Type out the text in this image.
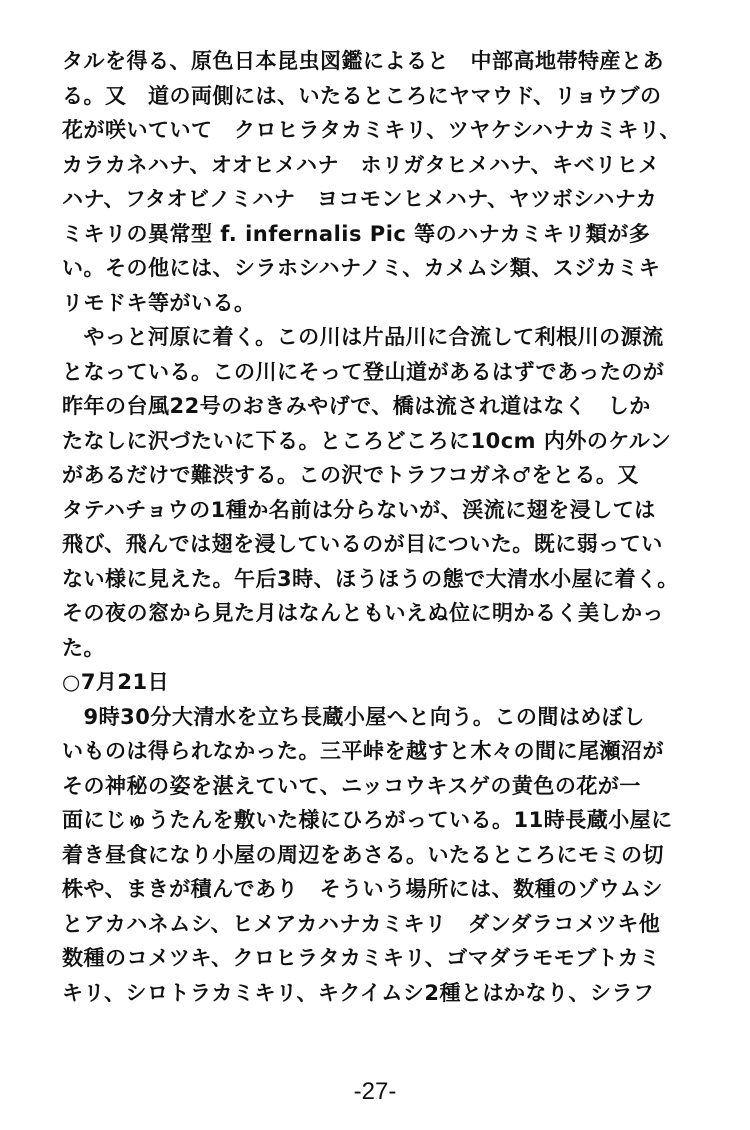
タルを得る、原色日本昆虫図鑑によると　中部高地帯特産とあ
る。又　道の両側には、いたるところにヤマウド、リョウブの
花が咲いていて　クロヒラタカミキリ、ツヤケシハナカミキリ、
カラカネハナ、オオヒメハナ　ホリガタヒメハナ、キベリヒメ
ハナ、フタオビノミハナ　ヨコモンヒメハナ、ヤツボシハナカ
ミキリの異常型 f. infernalis Pic 等のハナカミキリ類が多
い。その他には、シラホシハナノミ、カメムシ類、スジカミキ
リモドキ等がいる。
　やっと河原に着く。この川は片品川に合流して利根川の源流
となっている。この川にそって登山道があるはずであったのが
昨年の台風22号のおきみやげで、橋は流され道はなく　しか
たなしに沢づたいに下る。ところどころに10cm 内外のケルン
があるだけで難渋する。この沢でトラフコガネ♂をとる。又
タテハチョウの1種か名前は分らないが、渓流に翅を浸しては
飛び、飛んでは翅を浸しているのが目についた。既に弱ってい
ない様に見えた。午后3時、ほうほうの態で大清水小屋に着く。
その夜の窓から見た月はなんともいえぬ位に明かるく美しかっ
た。
○7月21日
　9時30分大清水を立ち長蔵小屋へと向う。この間はめぼし
いものは得られなかった。三平峠を越すと木々の間に尾瀬沼が
その神秘の姿を湛えていて、ニッコウキスゲの黄色の花が一
面にじゅうたんを敷いた様にひろがっている。11時長蔵小屋に
着き昼食になり小屋の周辺をあさる。いたるところにモミの切
株や、まきが積んであり　そういう場所には、数種のゾウムシ
とアカハネムシ、ヒメアカハナカミキリ　ダンダラコメツキ他
数種のコメツキ、クロヒラタカミキリ、ゴマダラモモブトカミ
キリ、シロトラカミキリ、キクイムシ2種とはかなり、シラフ
-27-
